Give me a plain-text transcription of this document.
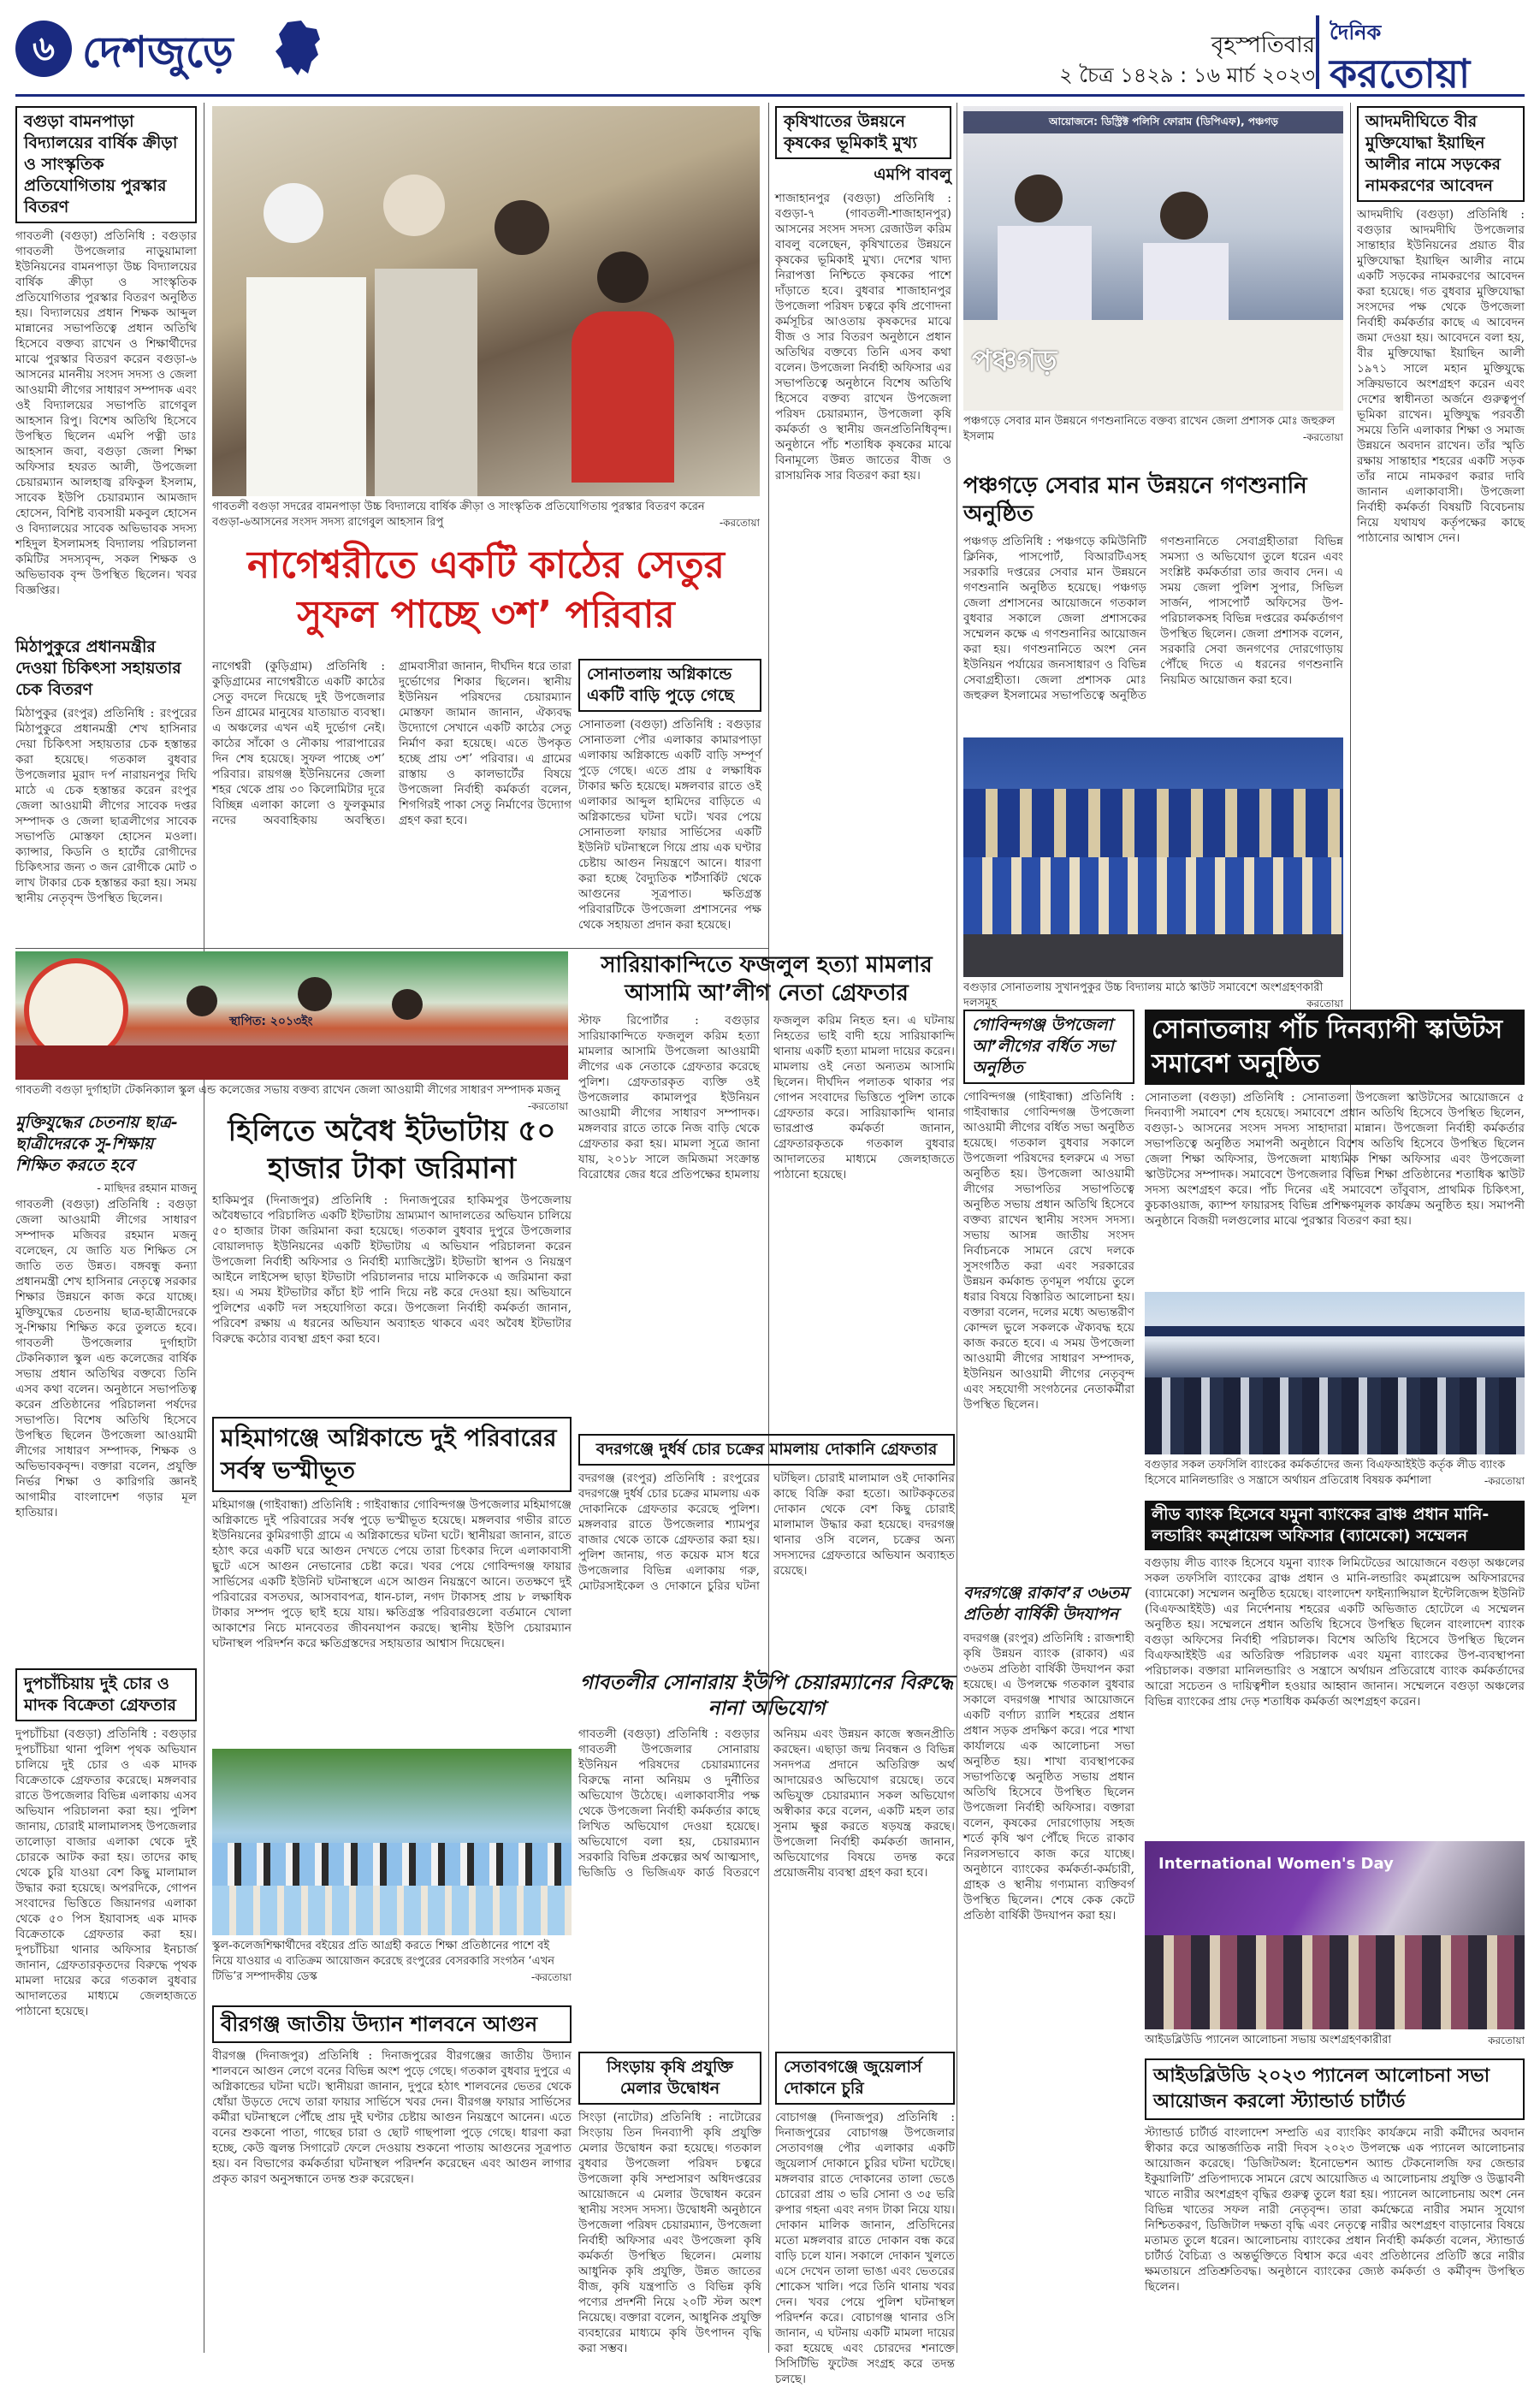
৬ দেশজুড়ে	বৃহস্পতিবার
২ চৈত্র ১৪২৯ : ১৬ মার্চ ২০২৩
দৈনিক
করতোয়া
বগুড়া বামনপাড়া বিদ্যালয়ের বার্ষিক ক্রীড়া ও সাংস্কৃতিক প্রতিযোগিতায় পুরস্কার বিতরণ

গাবতলী (বগুড়া) প্রতিনিধি : বগুড়ার গাবতলী উপজেলার নাড়ুয়ামালা ইউনিয়নের বামনপাড়া উচ্চ বিদ্যালয়ের বার্ষিক ক্রীড়া ও সাংস্কৃতিক প্রতিযোগিতার পুরস্কার বিতরণ অনুষ্ঠিত হয়। বিদ্যালয়ের প্রধান শিক্ষক আব্দুল মান্নানের সভাপতিত্বে প্রধান অতিথি হিসেবে বক্তব্য রাখেন ও শিক্ষার্থীদের মাঝে পুরস্কার বিতরণ করেন বগুড়া-৬ আসনের মাননীয় সংসদ সদস্য ও জেলা আওয়ামী লীগের সাধারণ সম্পাদক এবং ওই বিদ্যালয়ের সভাপতি রাগেবুল আহসান রিপু। বিশেষ অতিথি হিসেবে উপস্থিত ছিলেন এমপি পত্নী ডাঃ আহসান জবা, বগুড়া জেলা শিক্ষা অফিসার হযরত আলী, উপজেলা চেয়ারম্যান আলহাজ্ব রফিকুল ইসলাম, সাবেক ইউপি চেয়ারম্যান আমজাদ হোসেন, বিশিষ্ট ব্যবসায়ী মকবুল হোসেন ও বিদ্যালয়ের সাবেক অভিভাবক সদস্য শহিদুল ইসলামসহ বিদ্যালয় পরিচালনা কমিটির সদস্যবৃন্দ, সকল শিক্ষক ও অভিভাবক বৃন্দ উপস্থিত ছিলেন। খবর বিজ্ঞপ্তির।

গাবতলী বগুড়া সদরের বামনপাড়া উচ্চ বিদ্যালয়ে বার্ষিক ক্রীড়া ও সাংস্কৃতিক প্রতিযোগিতায় পুরস্কার বিতরণ করেন বগুড়া-৬আসনের সংসদ সদস্য রাগেবুল আহসান রিপু	-করতোয়া

কৃষিখাতের উন্নয়নে কৃষকের ভূমিকাই মুখ্য
এমপি বাবলু

শাজাহানপুর (বগুড়া) প্রতিনিধি : বগুড়া-৭ (গাবতলী-শাজাহানপুর) আসনের সংসদ সদস্য রেজাউল করিম বাবলু বলেছেন, কৃষিখাতের উন্নয়নে কৃষকের ভূমিকাই মুখ্য। দেশের খাদ্য নিরাপত্তা নিশ্চিতে কৃষকের পাশে দাঁড়াতে হবে। বুধবার শাজাহানপুর উপজেলা পরিষদ চত্বরে কৃষি প্রণোদনা কর্মসূচির আওতায় কৃষকদের মাঝে বীজ ও সার বিতরণ অনুষ্ঠানে প্রধান অতিথির বক্তব্যে তিনি এসব কথা বলেন। উপজেলা নির্বাহী অফিসার এর সভাপতিত্বে অনুষ্ঠানে বিশেষ অতিথি হিসেবে বক্তব্য রাখেন উপজেলা পরিষদ চেয়ারম্যান, উপজেলা কৃষি কর্মকর্তা ও স্থানীয় জনপ্রতিনিধিবৃন্দ। অনুষ্ঠানে পাঁচ শতাধিক কৃষকের মাঝে বিনামূল্যে উন্নত জাতের বীজ ও রাসায়নিক সার বিতরণ করা হয়।

আয়োজনে: ডিস্ট্রিক্ট পলিসি ফোরাম (ডিপিএফ), পঞ্চগড়
পঞ্চগড়

পঞ্চগড়ে সেবার মান উন্নয়নে গণশুনানিতে বক্তব্য রাখেন জেলা প্রশাসক মোঃ জহুরুল ইসলাম	-করতোয়া

পঞ্চগড়ে সেবার মান উন্নয়নে গণশুনানি অনুষ্ঠিত

পঞ্চগড় প্রতিনিধি : পঞ্চগড়ে কমিউনিটি ক্লিনিক, পাসপোর্ট, বিআরটিএসহ সরকারি দপ্তরের সেবার মান উন্নয়নে গণশুনানি অনুষ্ঠিত হয়েছে। পঞ্চগড় জেলা প্রশাসনের আয়োজনে গতকাল বুধবার সকালে জেলা প্রশাসকের সম্মেলন কক্ষে এ গণশুনানির আয়োজন করা হয়। গণশুনানিতে অংশ নেন ইউনিয়ন পর্যায়ের জনসাধারণ ও বিভিন্ন সেবাগ্রহীতা। জেলা প্রশাসক মোঃ জহুরুল ইসলামের সভাপতিত্বে অনুষ্ঠিত গণশুনানিতে সেবাগ্রহীতারা বিভিন্ন সমস্যা ও অভিযোগ তুলে ধরেন এবং সংশ্লিষ্ট কর্মকর্তারা তার জবাব দেন। এ সময় জেলা পুলিশ সুপার, সিভিল সার্জন, পাসপোর্ট অফিসের উপ-পরিচালকসহ বিভিন্ন দপ্তরের কর্মকর্তাগণ উপস্থিত ছিলেন। জেলা প্রশাসক বলেন, সরকারি সেবা জনগণের দোরগোড়ায় পৌঁছে দিতে এ ধরনের গণশুনানি নিয়মিত আয়োজন করা হবে।

আদমদীঘিতে বীর মুক্তিযোদ্ধা ইয়াছিন আলীর নামে সড়কের নামকরণের আবেদন

আদমদীঘি (বগুড়া) প্রতিনিধি : বগুড়ার আদমদীঘি উপজেলার সান্তাহার ইউনিয়নের প্রয়াত বীর মুক্তিযোদ্ধা ইয়াছিন আলীর নামে একটি সড়কের নামকরণের আবেদন করা হয়েছে। গত বুধবার মুক্তিযোদ্ধা সংসদের পক্ষ থেকে উপজেলা নির্বাহী কর্মকর্তার কাছে এ আবেদন জমা দেওয়া হয়। আবেদনে বলা হয়, বীর মুক্তিযোদ্ধা ইয়াছিন আলী ১৯৭১ সালে মহান মুক্তিযুদ্ধে সক্রিয়ভাবে অংশগ্রহণ করেন এবং দেশের স্বাধীনতা অর্জনে গুরুত্বপূর্ণ ভূমিকা রাখেন। মুক্তিযুদ্ধ পরবর্তী সময়ে তিনি এলাকার শিক্ষা ও সমাজ উন্নয়নে অবদান রাখেন। তাঁর স্মৃতি রক্ষায় সান্তাহার শহরের একটি সড়ক তাঁর নামে নামকরণ করার দাবি জানান এলাকাবাসী। উপজেলা নির্বাহী কর্মকর্তা বিষয়টি বিবেচনায় নিয়ে যথাযথ কর্তৃপক্ষের কাছে পাঠানোর আশ্বাস দেন।

বগুড়ার সোনাতলায় সুখানপুকুর উচ্চ বিদ্যালয় মাঠে স্কাউট সমাবেশে অংশগ্রহণকারী দলসমূহ	করতোয়া

মিঠাপুকুরে প্রধানমন্ত্রীর দেওয়া চিকিৎসা সহায়তার চেক বিতরণ

মিঠাপুকুর (রংপুর) প্রতিনিধি : রংপুরের মিঠাপুকুরে প্রধানমন্ত্রী শেখ হাসিনার দেয়া চিকিৎসা সহায়তার চেক হস্তান্তর করা হয়েছে। গতকাল বুধবার উপজেলার মুরাদ দর্প নারায়নপুর দিঘি মাঠে এ চেক হস্তান্তর করেন রংপুর জেলা আওয়ামী লীগের সাবেক দপ্তর সম্পাদক ও জেলা ছাত্রলীগের সাবেক সভাপতি মোস্তফা হোসেন মওলা। ক্যান্সার, কিডনি ও হার্টের রোগীদের চিকিৎসার জন্য ৩ জন রোগীকে মোট ৩ লাখ টাকার চেক হস্তান্তর করা হয়। সময় স্থানীয় নেতৃবৃন্দ উপস্থিত ছিলেন।

নাগেশ্বরীতে একটি কাঠের সেতুর সুফল পাচ্ছে ৩শ’ পরিবার

নাগেশ্বরী (কুড়িগ্রাম) প্রতিনিধি : কুড়িগ্রামের নাগেশ্বরীতে একটি কাঠের সেতু বদলে দিয়েছে দুই উপজেলার তিন গ্রামের মানুষের যাতায়াত ব্যবস্থা। এ অঞ্চলের এখন এই দুর্ভোগ নেই। কাঠের সাঁকো ও নৌকায় পারাপারের দিন শেষ হয়েছে। সুফল পাচ্ছে ৩শ’ পরিবার। রায়গঞ্জ ইউনিয়নের জেলা শহর থেকে প্রায় ৩০ কিলোমিটার দূরে বিচ্ছিন্ন এলাকা কালো ও ফুলকুমার নদের অববাহিকায় অবস্থিত। গ্রামবাসীরা জানান, দীর্ঘদিন ধরে তারা দুর্ভোগের শিকার ছিলেন। স্থানীয় ইউনিয়ন পরিষদের চেয়ারম্যান মোস্তফা জামান জানান, ঐক্যবদ্ধ উদ্যোগে সেখানে একটি কাঠের সেতু নির্মাণ করা হয়েছে। এতে উপকৃত হচ্ছে প্রায় ৩শ’ পরিবার। এ গ্রামের রাস্তায় ও কালভার্টের বিষয়ে উপজেলা নির্বাহী কর্মকর্তা বলেন, শিগগিরই পাকা সেতু নির্মাণের উদ্যোগ গ্রহণ করা হবে।

সোনাতলায় অগ্নিকান্ডে একটি বাড়ি পুড়ে গেছে

সোনাতলা (বগুড়া) প্রতিনিধি : বগুড়ার সোনাতলা পৌর এলাকার কামারপাড়া এলাকায় অগ্নিকান্ডে একটি বাড়ি সম্পূর্ণ পুড়ে গেছে। এতে প্রায় ৫ লক্ষাধিক টাকার ক্ষতি হয়েছে। মঙ্গলবার রাতে ওই এলাকার আব্দুল হামিদের বাড়িতে এ অগ্নিকান্ডের ঘটনা ঘটে। খবর পেয়ে সোনাতলা ফায়ার সার্ভিসের একটি ইউনিট ঘটনাস্থলে গিয়ে প্রায় এক ঘণ্টার চেষ্টায় আগুন নিয়ন্ত্রণে আনে। ধারণা করা হচ্ছে বৈদ্যুতিক শর্টসার্কিট থেকে আগুনের সূত্রপাত। ক্ষতিগ্রস্ত পরিবারটিকে উপজেলা প্রশাসনের পক্ষ থেকে সহায়তা প্রদান করা হয়েছে।

স্থাপিত: ২০১৩ইং

গাবতলী বগুড়া দুর্গাহাটা টেকনিক্যাল স্কুল এন্ড কলেজের সভায় বক্তব্য রাখেন জেলা আওয়ামী লীগের সাধারণ সম্পাদক মজনু
-করতোয়া

সারিয়াকান্দিতে ফজলুল হত্যা মামলার আসামি আ’লীগ নেতা গ্রেফতার

স্টাফ রিপোর্টার : বগুড়ার সারিয়াকান্দিতে ফজলুল করিম হত্যা মামলার আসামি উপজেলা আওয়ামী লীগের এক নেতাকে গ্রেফতার করেছে পুলিশ। গ্রেফতারকৃত ব্যক্তি ওই উপজেলার কামালপুর ইউনিয়ন আওয়ামী লীগের সাধারণ সম্পাদক। মঙ্গলবার রাতে তাকে নিজ বাড়ি থেকে গ্রেফতার করা হয়। মামলা সূত্রে জানা যায়, ২০১৮ সালে জমিজমা সংক্রান্ত বিরোধের জের ধরে প্রতিপক্ষের হামলায় ফজলুল করিম নিহত হন। এ ঘটনায় নিহতের ভাই বাদী হয়ে সারিয়াকান্দি থানায় একটি হত্যা মামলা দায়ের করেন। মামলায় ওই নেতা অন্যতম আসামি ছিলেন। দীর্ঘদিন পলাতক থাকার পর গোপন সংবাদের ভিত্তিতে পুলিশ তাকে গ্রেফতার করে। সারিয়াকান্দি থানার ভারপ্রাপ্ত কর্মকর্তা জানান, গ্রেফতারকৃতকে গতকাল বুধবার আদালতের মাধ্যমে জেলহাজতে পাঠানো হয়েছে।

মুক্তিযুদ্ধের চেতনায় ছাত্র-ছাত্রীদেরকে সু-শিক্ষায় শিক্ষিত করতে হবে
- মাছিদর রহমান মাজনু

গাবতলী (বগুড়া) প্রতিনিধি : বগুড়া জেলা আওয়ামী লীগের সাধারণ সম্পাদক মজিবর রহমান মজনু বলেছেন, যে জাতি যত শিক্ষিত সে জাতি তত উন্নত। বঙ্গবন্ধু কন্যা প্রধানমন্ত্রী শেখ হাসিনার নেতৃত্বে সরকার শিক্ষার উন্নয়নে কাজ করে যাচ্ছে। মুক্তিযুদ্ধের চেতনায় ছাত্র-ছাত্রীদেরকে সু-শিক্ষায় শিক্ষিত করে তুলতে হবে। গাবতলী উপজেলার দুর্গাহাটা টেকনিক্যাল স্কুল এন্ড কলেজের বার্ষিক সভায় প্রধান অতিথির বক্তব্যে তিনি এসব কথা বলেন। অনুষ্ঠানে সভাপতিত্ব করেন প্রতিষ্ঠানের পরিচালনা পর্ষদের সভাপতি। বিশেষ অতিথি হিসেবে উপস্থিত ছিলেন উপজেলা আওয়ামী লীগের সাধারণ সম্পাদক, শিক্ষক ও অভিভাবকবৃন্দ। বক্তারা বলেন, প্রযুক্তি নির্ভর শিক্ষা ও কারিগরি জ্ঞানই আগামীর বাংলাদেশ গড়ার মূল হাতিয়ার।

হিলিতে অবৈধ ইটভাটায় ৫০ হাজার টাকা জরিমানা

হাকিমপুর (দিনাজপুর) প্রতিনিধি : দিনাজপুরের হাকিমপুর উপজেলায় অবৈধভাবে পরিচালিত একটি ইটভাটায় ভ্রাম্যমাণ আদালতের অভিযান চালিয়ে ৫০ হাজার টাকা জরিমানা করা হয়েছে। গতকাল বুধবার দুপুরে উপজেলার বোয়ালদাড় ইউনিয়নের একটি ইটভাটায় এ অভিযান পরিচালনা করেন উপজেলা নির্বাহী অফিসার ও নির্বাহী ম্যাজিস্ট্রেট। ইটভাটা স্থাপন ও নিয়ন্ত্রণ আইনে লাইসেন্স ছাড়া ইটভাটা পরিচালনার দায়ে মালিককে এ জরিমানা করা হয়। এ সময় ইটভাটার কাঁচা ইট পানি দিয়ে নষ্ট করে দেওয়া হয়। অভিযানে পুলিশের একটি দল সহযোগিতা করে। উপজেলা নির্বাহী কর্মকর্তা জানান, পরিবেশ রক্ষায় এ ধরনের অভিযান অব্যাহত থাকবে এবং অবৈধ ইটভাটার বিরুদ্ধে কঠোর ব্যবস্থা গ্রহণ করা হবে।

গোবিন্দগঞ্জ উপজেলা আ’লীগের বর্ধিত সভা অনুষ্ঠিত

গোবিন্দগঞ্জ (গাইবান্ধা) প্রতিনিধি : গাইবান্ধার গোবিন্দগঞ্জ উপজেলা আওয়ামী লীগের বর্ধিত সভা অনুষ্ঠিত হয়েছে। গতকাল বুধবার সকালে উপজেলা পরিষদের হলরুমে এ সভা অনুষ্ঠিত হয়। উপজেলা আওয়ামী লীগের সভাপতির সভাপতিত্বে অনুষ্ঠিত সভায় প্রধান অতিথি হিসেবে বক্তব্য রাখেন স্থানীয় সংসদ সদস্য। সভায় আসন্ন জাতীয় সংসদ নির্বাচনকে সামনে রেখে দলকে সুসংগঠিত করা এবং সরকারের উন্নয়ন কর্মকান্ড তৃণমূল পর্যায়ে তুলে ধরার বিষয়ে বিস্তারিত আলোচনা হয়। বক্তারা বলেন, দলের মধ্যে অভ্যন্তরীণ কোন্দল ভুলে সকলকে ঐক্যবদ্ধ হয়ে কাজ করতে হবে। এ সময় উপজেলা আওয়ামী লীগের সাধারণ সম্পাদক, ইউনিয়ন আওয়ামী লীগের নেতৃবৃন্দ এবং সহযোগী সংগঠনের নেতাকর্মীরা উপস্থিত ছিলেন।

সোনাতলায় পাঁচ দিনব্যাপী স্কাউটস সমাবেশ অনুষ্ঠিত

সোনাতলা (বগুড়া) প্রতিনিধি : সোনাতলা উপজেলা স্কাউটসের আয়োজনে ৫ দিনব্যাপী সমাবেশ শেষ হয়েছে। সমাবেশে প্রধান অতিথি হিসেবে উপস্থিত ছিলেন, বগুড়া-১ আসনের সংসদ সদস্য সাহাদারা মান্নান। উপজেলা নির্বাহী কর্মকর্তার সভাপতিত্বে অনুষ্ঠিত সমাপনী অনুষ্ঠানে বিশেষ অতিথি হিসেবে উপস্থিত ছিলেন জেলা শিক্ষা অফিসার, উপজেলা মাধ্যমিক শিক্ষা অফিসার এবং উপজেলা স্কাউটসের সম্পাদক। সমাবেশে উপজেলার বিভিন্ন শিক্ষা প্রতিষ্ঠানের শতাধিক স্কাউট সদস্য অংশগ্রহণ করে। পাঁচ দিনের এই সমাবেশে তাঁবুবাস, প্রাথমিক চিকিৎসা, কুচকাওয়াজ, ক্যাম্প ফায়ারসহ বিভিন্ন প্রশিক্ষণমূলক কার্যক্রম অনুষ্ঠিত হয়। সমাপনী অনুষ্ঠানে বিজয়ী দলগুলোর মাঝে পুরস্কার বিতরণ করা হয়।

বগুড়ার সকল তফসিলি ব্যাংকের কর্মকর্তাদের জন্য বিএফআইইউ কর্তৃক লীড ব্যাংক হিসেবে মানিলন্ডারিং ও সন্ত্রাসে অর্থায়ন প্রতিরোধ বিষয়ক কর্মশালা	-করতোয়া

লীড ব্যাংক হিসেবে যমুনা ব্যাংকের ব্রাঞ্চ প্রধান মানি-লন্ডারিং কম্প্লায়েন্স অফিসার (ব্যামেকো) সম্মেলন

বগুড়ায় লীড ব্যাংক হিসেবে যমুনা ব্যাংক লিমিটেডের আয়োজনে বগুড়া অঞ্চলের সকল তফসিলি ব্যাংকের ব্রাঞ্চ প্রধান ও মানি-লন্ডারিং কম্প্লায়েন্স অফিসারদের (ব্যামেকো) সম্মেলন অনুষ্ঠিত হয়েছে। বাংলাদেশ ফাইন্যান্সিয়াল ইন্টেলিজেন্স ইউনিট (বিএফআইইউ) এর নির্দেশনায় শহরের একটি অভিজাত হোটেলে এ সম্মেলন অনুষ্ঠিত হয়। সম্মেলনে প্রধান অতিথি হিসেবে উপস্থিত ছিলেন বাংলাদেশ ব্যাংক বগুড়া অফিসের নির্বাহী পরিচালক। বিশেষ অতিথি হিসেবে উপস্থিত ছিলেন বিএফআইইউ এর অতিরিক্ত পরিচালক এবং যমুনা ব্যাংকের উপ-ব্যবস্থাপনা পরিচালক। বক্তারা মানিলন্ডারিং ও সন্ত্রাসে অর্থায়ন প্রতিরোধে ব্যাংক কর্মকর্তাদের আরো সচেতন ও দায়িত্বশীল হওয়ার আহ্বান জানান। সম্মেলনে বগুড়া অঞ্চলের বিভিন্ন ব্যাংকের প্রায় দেড় শতাধিক কর্মকর্তা অংশগ্রহণ করেন।

মহিমাগঞ্জে অগ্নিকান্ডে দুই পরিবারের সর্বস্ব ভস্মীভূত

মহিমাগঞ্জ (গাইবান্ধা) প্রতিনিধি : গাইবান্ধার গোবিন্দগঞ্জ উপজেলার মহিমাগঞ্জে অগ্নিকান্ডে দুই পরিবারের সর্বস্ব পুড়ে ভস্মীভূত হয়েছে। মঙ্গলবার গভীর রাতে ইউনিয়নের কুমিরগাড়ী গ্রামে এ অগ্নিকান্ডের ঘটনা ঘটে। স্থানীয়রা জানান, রাতে হঠাৎ করে একটি ঘরে আগুন দেখতে পেয়ে তারা চিৎকার দিলে এলাকাবাসী ছুটে এসে আগুন নেভানোর চেষ্টা করে। খবর পেয়ে গোবিন্দগঞ্জ ফায়ার সার্ভিসের একটি ইউনিট ঘটনাস্থলে এসে আগুন নিয়ন্ত্রণে আনে। ততক্ষণে দুই পরিবারের বসতঘর, আসবাবপত্র, ধান-চাল, নগদ টাকাসহ প্রায় ৮ লক্ষাধিক টাকার সম্পদ পুড়ে ছাই হয়ে যায়। ক্ষতিগ্রস্ত পরিবারগুলো বর্তমানে খোলা আকাশের নিচে মানবেতর জীবনযাপন করছে। স্থানীয় ইউপি চেয়ারম্যান ঘটনাস্থল পরিদর্শন করে ক্ষতিগ্রস্তদের সহায়তার আশ্বাস দিয়েছেন।

বদরগঞ্জে দুর্ধর্ষ চোর চক্রের মামলায় দোকানি গ্রেফতার

বদরগঞ্জ (রংপুর) প্রতিনিধি : রংপুরের বদরগঞ্জে দুর্ধর্ষ চোর চক্রের মামলায় এক দোকানিকে গ্রেফতার করেছে পুলিশ। মঙ্গলবার রাতে উপজেলার শ্যামপুর বাজার থেকে তাকে গ্রেফতার করা হয়। পুলিশ জানায়, গত কয়েক মাস ধরে উপজেলার বিভিন্ন এলাকায় গরু, মোটরসাইকেল ও দোকানে চুরির ঘটনা ঘটছিল। চোরাই মালামাল ওই দোকানির কাছে বিক্রি করা হতো। আটককৃতের দোকান থেকে বেশ কিছু চোরাই মালামাল উদ্ধার করা হয়েছে। বদরগঞ্জ থানার ওসি বলেন, চক্রের অন্য সদস্যদের গ্রেফতারে অভিযান অব্যাহত রয়েছে।

দুপচাঁচিয়ায় দুই চোর ও মাদক বিক্রেতা গ্রেফতার

দুপচাঁচিয়া (বগুড়া) প্রতিনিধি : বগুড়ার দুপচাঁচিয়া থানা পুলিশ পৃথক অভিযান চালিয়ে দুই চোর ও এক মাদক বিক্রেতাকে গ্রেফতার করেছে। মঙ্গলবার রাতে উপজেলার বিভিন্ন এলাকায় এসব অভিযান পরিচালনা করা হয়। পুলিশ জানায়, চোরাই মালামালসহ উপজেলার তালোড়া বাজার এলাকা থেকে দুই চোরকে আটক করা হয়। তাদের কাছ থেকে চুরি যাওয়া বেশ কিছু মালামাল উদ্ধার করা হয়েছে। অপরদিকে, গোপন সংবাদের ভিত্তিতে জিয়ানগর এলাকা থেকে ৫০ পিস ইয়াবাসহ এক মাদক বিক্রেতাকে গ্রেফতার করা হয়। দুপচাঁচিয়া থানার অফিসার ইনচার্জ জানান, গ্রেফতারকৃতদের বিরুদ্ধে পৃথক মামলা দায়ের করে গতকাল বুধবার আদালতের মাধ্যমে জেলহাজতে পাঠানো হয়েছে।

গাবতলীর সোনারায় ইউপি চেয়ারম্যানের বিরুদ্ধে নানা অভিযোগ

গাবতলী (বগুড়া) প্রতিনিধি : বগুড়ার গাবতলী উপজেলার সোনারায় ইউনিয়ন পরিষদের চেয়ারম্যানের বিরুদ্ধে নানা অনিয়ম ও দুর্নীতির অভিযোগ উঠেছে। এলাকাবাসীর পক্ষ থেকে উপজেলা নির্বাহী কর্মকর্তার কাছে লিখিত অভিযোগ দেওয়া হয়েছে। অভিযোগে বলা হয়, চেয়ারম্যান সরকারি বিভিন্ন প্রকল্পের অর্থ আত্মসাৎ, ভিজিডি ও ভিজিএফ কার্ড বিতরণে অনিয়ম এবং উন্নয়ন কাজে স্বজনপ্রীতি করছেন। এছাড়া জন্ম নিবন্ধন ও বিভিন্ন সনদপত্র প্রদানে অতিরিক্ত অর্থ আদায়েরও অভিযোগ রয়েছে। তবে অভিযুক্ত চেয়ারম্যান সকল অভিযোগ অস্বীকার করে বলেন, একটি মহল তার সুনাম ক্ষুণ্ণ করতে ষড়যন্ত্র করছে। উপজেলা নির্বাহী কর্মকর্তা জানান, অভিযোগের বিষয়ে তদন্ত করে প্রয়োজনীয় ব্যবস্থা গ্রহণ করা হবে।

বদরগঞ্জে রাকাব’র ৩৬তম প্রতিষ্ঠা বার্ষিকী উদযাপন

বদরগঞ্জ (রংপুর) প্রতিনিধি : রাজশাহী কৃষি উন্নয়ন ব্যাংক (রাকাব) এর ৩৬তম প্রতিষ্ঠা বার্ষিকী উদযাপন করা হয়েছে। এ উপলক্ষে গতকাল বুধবার সকালে বদরগঞ্জ শাখার আয়োজনে একটি বর্ণাঢ্য র‌্যালি শহরের প্রধান প্রধান সড়ক প্রদক্ষিণ করে। পরে শাখা কার্যালয়ে এক আলোচনা সভা অনুষ্ঠিত হয়। শাখা ব্যবস্থাপকের সভাপতিত্বে অনুষ্ঠিত সভায় প্রধান অতিথি হিসেবে উপস্থিত ছিলেন উপজেলা নির্বাহী অফিসার। বক্তারা বলেন, কৃষকের দোরগোড়ায় সহজ শর্তে কৃষি ঋণ পৌঁছে দিতে রাকাব নিরলসভাবে কাজ করে যাচ্ছে। অনুষ্ঠানে ব্যাংকের কর্মকর্তা-কর্মচারী, গ্রাহক ও স্থানীয় গণ্যমান্য ব্যক্তিবর্গ উপস্থিত ছিলেন। শেষে কেক কেটে প্রতিষ্ঠা বার্ষিকী উদযাপন করা হয়।

স্কুল-কলেজশিক্ষার্থীদের বইয়ের প্রতি আগ্রহী করতে শিক্ষা প্রতিষ্ঠানের পাশে বই নিয়ে যাওয়ার এ ব্যতিক্রম আয়োজন করেছে রংপুরের বেসরকারি সংগঠন ‘এখন টিভি’র সম্পাদকীয় ডেস্ক	-করতোয়া

বীরগঞ্জ জাতীয় উদ্যান শালবনে আগুন

বীরগঞ্জ (দিনাজপুর) প্রতিনিধি : দিনাজপুরের বীরগঞ্জের জাতীয় উদ্যান শালবনে আগুন লেগে বনের বিভিন্ন অংশ পুড়ে গেছে। গতকাল বুধবার দুপুরে এ অগ্নিকান্ডের ঘটনা ঘটে। স্থানীয়রা জানান, দুপুরে হঠাৎ শালবনের ভেতর থেকে ধোঁয়া উড়তে দেখে তারা ফায়ার সার্ভিসে খবর দেন। বীরগঞ্জ ফায়ার সার্ভিসের কর্মীরা ঘটনাস্থলে পৌঁছে প্রায় দুই ঘণ্টার চেষ্টায় আগুন নিয়ন্ত্রণে আনেন। এতে বনের শুকনো পাতা, গাছের চারা ও ছোট গাছপালা পুড়ে গেছে। ধারণা করা হচ্ছে, কেউ জ্বলন্ত সিগারেট ফেলে দেওয়ায় শুকনো পাতায় আগুনের সূত্রপাত হয়। বন বিভাগের কর্মকর্তারা ঘটনাস্থল পরিদর্শন করেছেন এবং আগুন লাগার প্রকৃত কারণ অনুসন্ধানে তদন্ত শুরু করেছেন।

সিংড়ায় কৃষি প্রযুক্তি মেলার উদ্বোধন

সিংড়া (নাটোর) প্রতিনিধি : নাটোরের সিংড়ায় তিন দিনব্যাপী কৃষি প্রযুক্তি মেলার উদ্বোধন করা হয়েছে। গতকাল বুধবার উপজেলা পরিষদ চত্বরে উপজেলা কৃষি সম্প্রসারণ অধিদপ্তরের আয়োজনে এ মেলার উদ্বোধন করেন স্থানীয় সংসদ সদস্য। উদ্বোধনী অনুষ্ঠানে উপজেলা পরিষদ চেয়ারম্যান, উপজেলা নির্বাহী অফিসার এবং উপজেলা কৃষি কর্মকর্তা উপস্থিত ছিলেন। মেলায় আধুনিক কৃষি প্রযুক্তি, উন্নত জাতের বীজ, কৃষি যন্ত্রপাতি ও বিভিন্ন কৃষি পণ্যের প্রদর্শনী নিয়ে ২০টি স্টল অংশ নিয়েছে। বক্তারা বলেন, আধুনিক প্রযুক্তি ব্যবহারের মাধ্যমে কৃষি উৎপাদন বৃদ্ধি করা সম্ভব।

সেতাবগঞ্জে জুয়েলার্স দোকানে চুরি

বোচাগঞ্জ (দিনাজপুর) প্রতিনিধি : দিনাজপুরের বোচাগঞ্জ উপজেলার সেতাবগঞ্জ পৌর এলাকার একটি জুয়েলার্স দোকানে চুরির ঘটনা ঘটেছে। মঙ্গলবার রাতে দোকানের তালা ভেঙে চোরেরা প্রায় ৩ ভরি সোনা ও ৩৫ ভরি রুপার গহনা এবং নগদ টাকা নিয়ে যায়। দোকান মালিক জানান, প্রতিদিনের মতো মঙ্গলবার রাতে দোকান বন্ধ করে বাড়ি চলে যান। সকালে দোকান খুলতে এসে দেখেন তালা ভাঙা এবং ভেতরের শোকেস খালি। পরে তিনি থানায় খবর দেন। খবর পেয়ে পুলিশ ঘটনাস্থল পরিদর্শন করে। বোচাগঞ্জ থানার ওসি জানান, এ ঘটনায় একটি মামলা দায়ের করা হয়েছে এবং চোরদের শনাক্তে সিসিটিভি ফুটেজ সংগ্রহ করে তদন্ত চলছে।

International Women's Day

আইডব্লিউডি প্যানেল আলোচনা সভায় অংশগ্রহণকারীরা	করতোয়া

আইডব্লিউডি ২০২৩ প্যানেল আলোচনা সভা আয়োজন করলো স্ট্যান্ডার্ড চার্টার্ড

স্ট্যান্ডার্ড চার্টার্ড বাংলাদেশ সম্প্রতি এর ব্যাংকিং কার্যক্রমে নারী কর্মীদের অবদান স্বীকার করে আন্তর্জাতিক নারী দিবস ২০২৩ উপলক্ষে এক প্যানেল আলোচনার আয়োজন করেছে। ‘ডিজিটঅল: ইনোভেশন অ্যান্ড টেকনোলজি ফর জেন্ডার ইকুয়ালিটি’ প্রতিপাদ্যকে সামনে রেখে আয়োজিত এ আলোচনায় প্রযুক্তি ও উদ্ভাবনী খাতে নারীর অংশগ্রহণ বৃদ্ধির গুরুত্ব তুলে ধরা হয়। প্যানেল আলোচনায় অংশ নেন বিভিন্ন খাতের সফল নারী নেতৃবৃন্দ। তারা কর্মক্ষেত্রে নারীর সমান সুযোগ নিশ্চিতকরণ, ডিজিটাল দক্ষতা বৃদ্ধি এবং নেতৃত্বে নারীর অংশগ্রহণ বাড়ানোর বিষয়ে মতামত তুলে ধরেন। আলোচনায় ব্যাংকের প্রধান নির্বাহী কর্মকর্তা বলেন, স্ট্যান্ডার্ড চার্টার্ড বৈচিত্র্য ও অন্তর্ভুক্তিতে বিশ্বাস করে এবং প্রতিষ্ঠানের প্রতিটি স্তরে নারীর ক্ষমতায়নে প্রতিশ্রুতিবদ্ধ। অনুষ্ঠানে ব্যাংকের জ্যেষ্ঠ কর্মকর্তা ও কর্মীবৃন্দ উপস্থিত ছিলেন।
